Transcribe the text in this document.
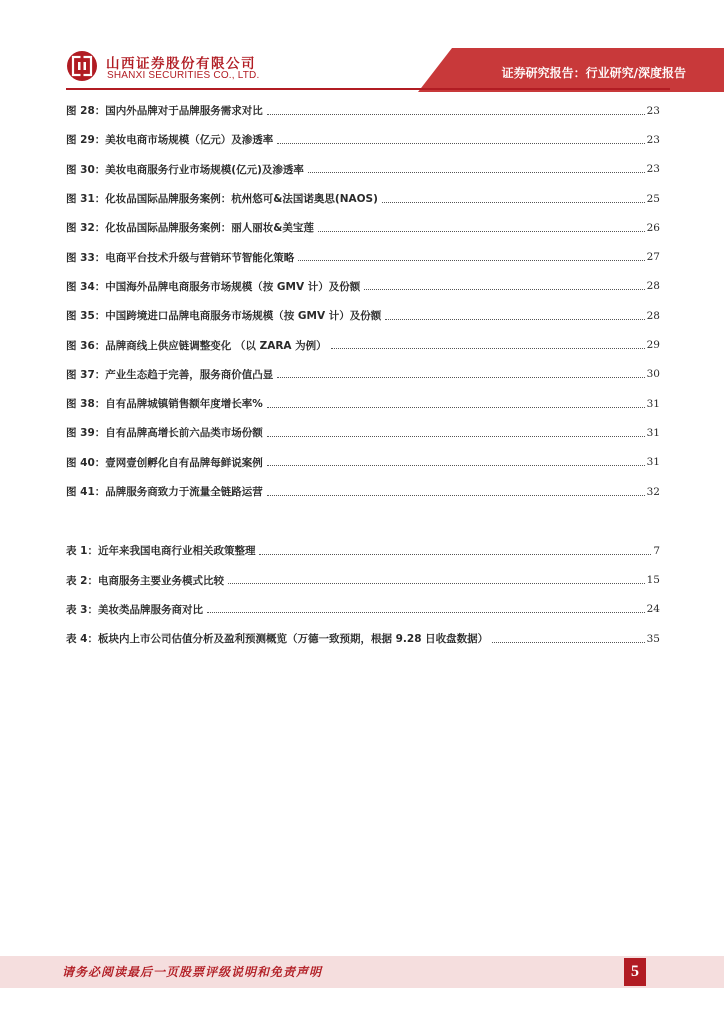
山西证券股份有限公司
SHANXI SECURITIES CO., LTD.	证券研究报告：行业研究/深度报告
图 28：国内外品牌对于品牌服务需求对比	23
图 29：美妆电商市场规模（亿元）及渗透率	23
图 30：美妆电商服务行业市场规模(亿元)及渗透率	23
图 31：化妆品国际品牌服务案例：杭州悠可&法国诺奥思(NAOS)	25
图 32：化妆品国际品牌服务案例：丽人丽妆&美宝莲	26
图 33：电商平台技术升级与营销环节智能化策略	27
图 34：中国海外品牌电商服务市场规模（按 GMV 计）及份额	28
图 35：中国跨境进口品牌电商服务市场规模（按 GMV 计）及份额	28
图 36：品牌商线上供应链调整变化 （以 ZARA 为例）	29
图 37：产业生态趋于完善，服务商价值凸显	30
图 38：自有品牌城镇销售额年度增长率%	31
图 39：自有品牌高增长前六品类市场份额	31
图 40：壹网壹创孵化自有品牌每鲜说案例	31
图 41：品牌服务商致力于流量全链路运营	32
表 1：近年来我国电商行业相关政策整理	7
表 2：电商服务主要业务模式比较	15
表 3：美妆类品牌服务商对比	24
表 4：板块内上市公司估值分析及盈利预测概览（万德一致预期，根据 9.28 日收盘数据）	35
请务必阅读最后一页股票评级说明和免责声明	5
